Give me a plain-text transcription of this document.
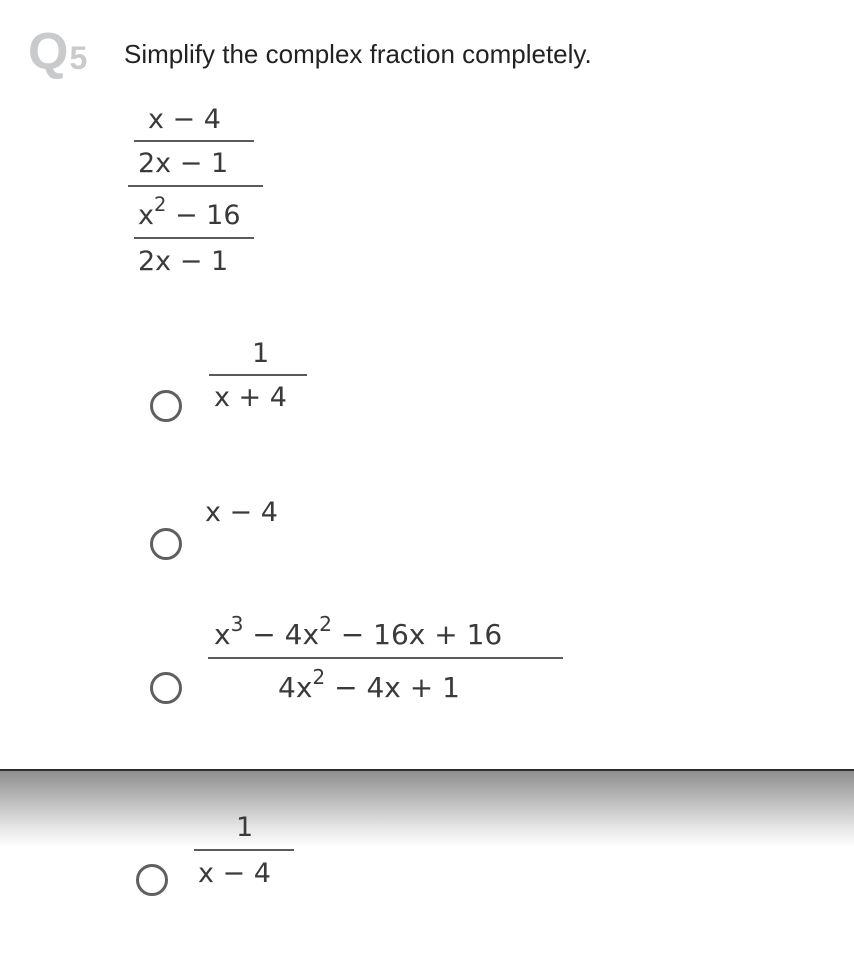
Q5 Simplify the complex fraction completely.
x − 4
2x − 1
$x^2 - 16$
2x − 1
1
x + 4
x − 4
$x^3 - 4x^2 - 16x + 16$
$4x^2 - 4x + 1$
1
x − 4
